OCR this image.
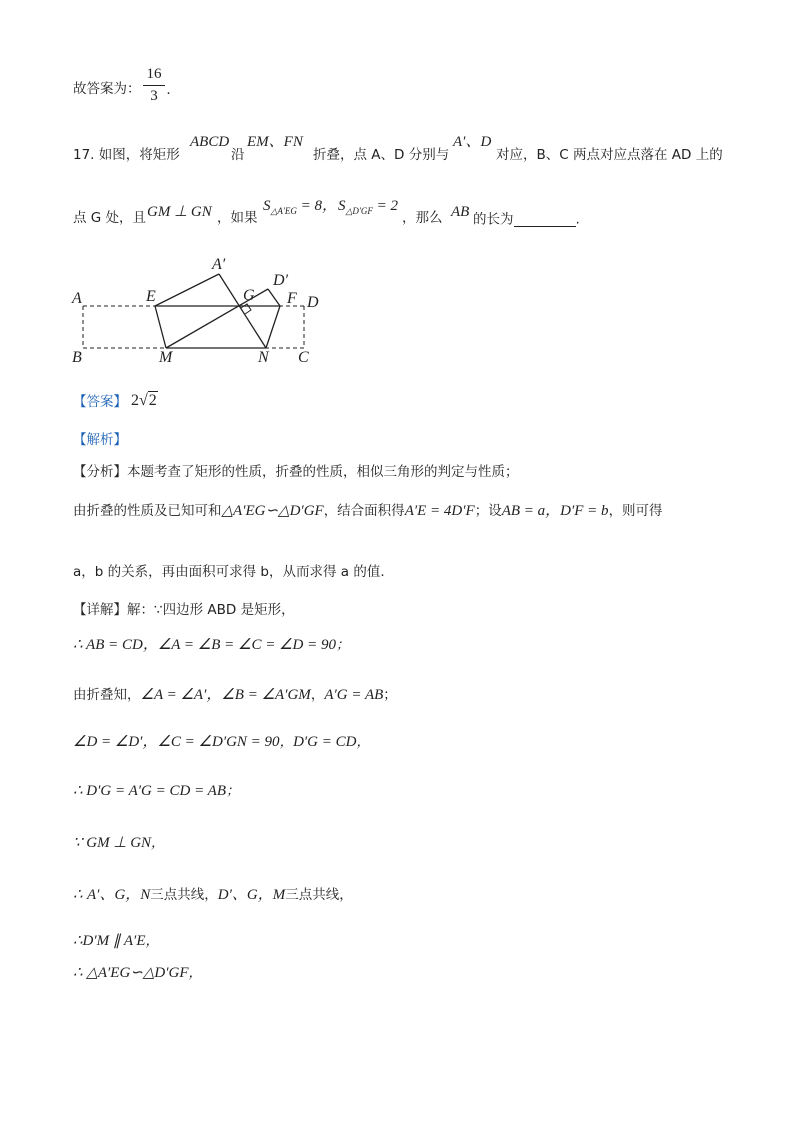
故答案为：
16
3 .
17. 如图，将矩形
ABCD
沿
EM、FN
折叠，点 A、D 分别与
A′、D
对应，B、C 两点对应点落在 AD 上的
点 G 处，且 GM ⊥ GN ，如果
$S_{\triangle A'EG} = 8$， $S_{\triangle D'GF} = 2$
，那么 AB 的长为	.
A
B	C
D
E	F
G
M	N
A′
D′
【答案】 2√2
【解析】
【分析】本题考查了矩形的性质，折叠的性质，相似三角形的判定与性质；
由折叠的性质及已知可和△A′EG∽△D′GF，结合面积得A′E = 4D′F；设AB = a，D′F = b，则可得
a，b 的关系，再由面积可求得 b，从而求得 a 的值.
【详解】解：∵四边形 ABD 是矩形，
∴ AB = CD，∠A = ∠B = ∠C = ∠D = 90；
由折叠知，∠A = ∠A′，∠B = ∠A′GM，A′G = AB；
∠D = ∠D′，∠C = ∠D′GN = 90，D′G = CD，
∴ D′G = A′G = CD = AB；
∵ GM ⊥ GN，
∴ A′、G，N三点共线，D′、G，M三点共线，
∴D′M ∥ A′E，
∴ △A′EG∽△D′GF，
